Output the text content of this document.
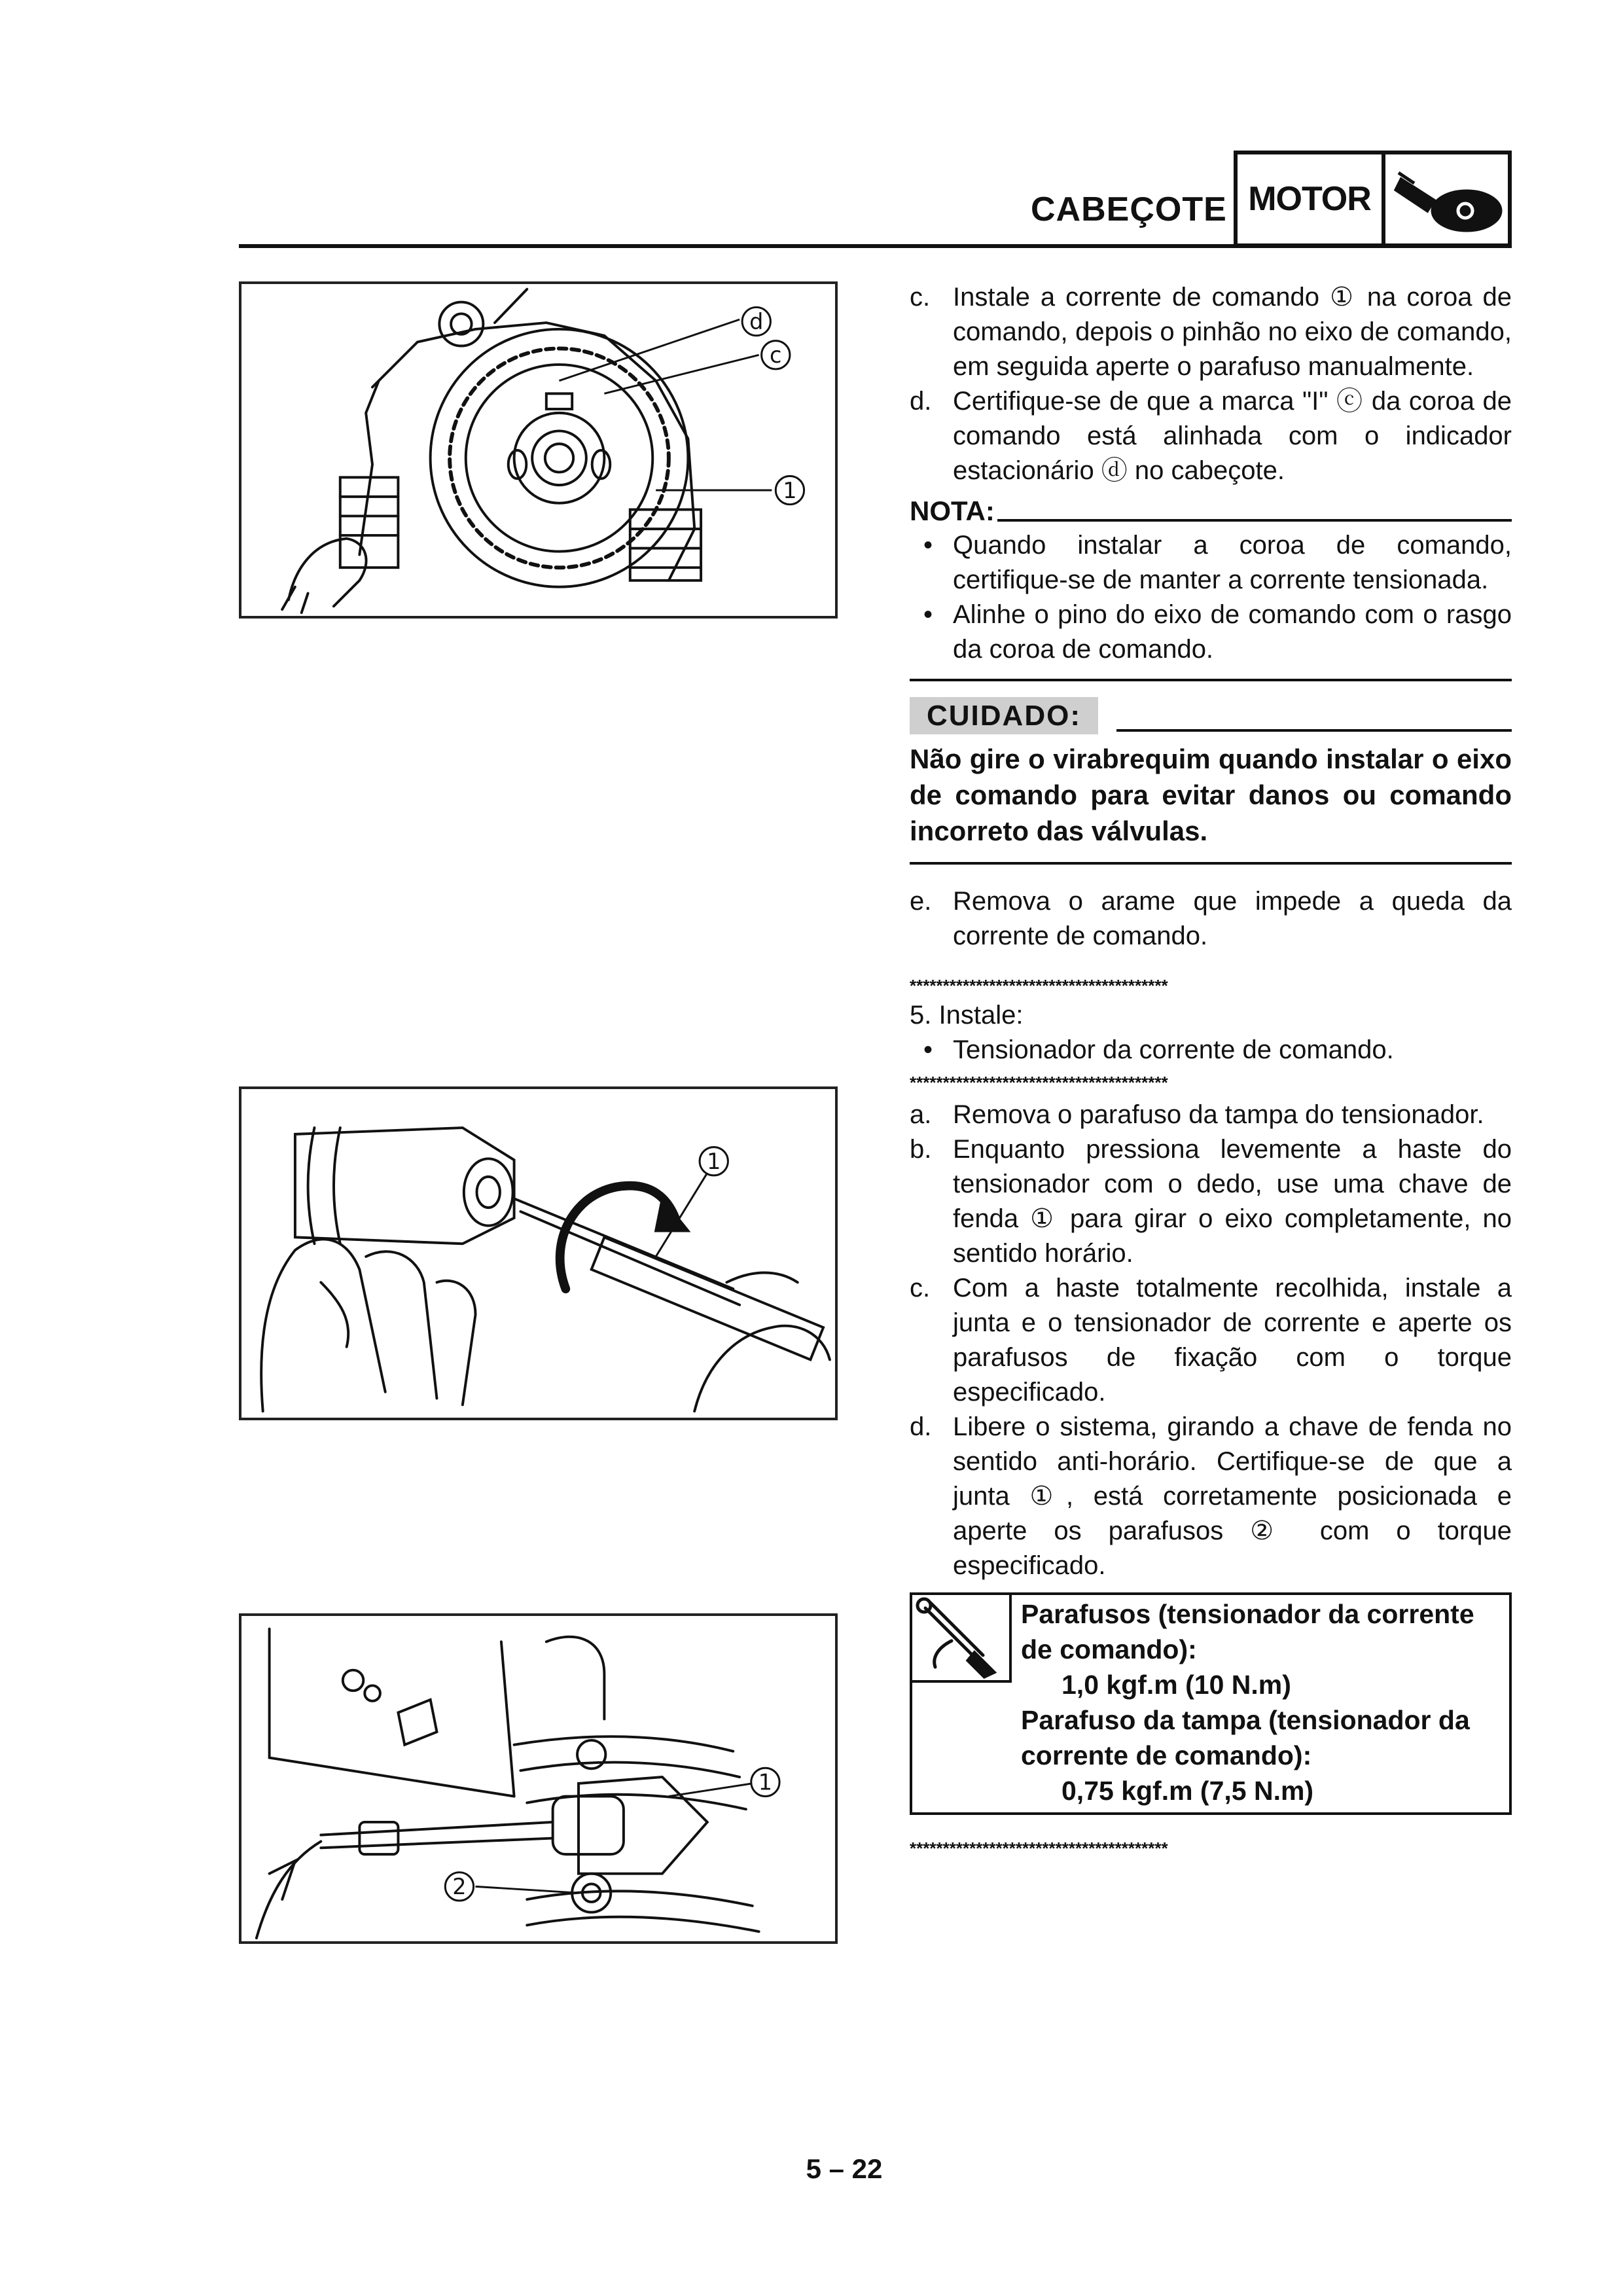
CABEÇOTE MOTOR
d
c
1
1
1
2
c. Instale a corrente de comando ① na coroa de comando, depois o pinhão no eixo de comando, em seguida aperte o parafuso manualmente.
d. Certifique-se de que a marca "I" ⓒ da coroa de comando está alinhada com o indicador estacionário ⓓ no cabeçote.
NOTA:
• Quando instalar a coroa de comando, certifique-se de manter a corrente tensionada.
• Alinhe o pino do eixo de comando com o rasgo da coroa de comando.
CUIDADO:
Não gire o virabrequim quando instalar o eixo de comando para evitar danos ou comando incorreto das válvulas.
e. Remova o arame que impede a queda da corrente de comando.
***************************************
5. Instale:
• Tensionador da corrente de comando.
***************************************
a. Remova o parafuso da tampa do tensionador.
b. Enquanto pressiona levemente a haste do tensionador com o dedo, use uma chave de fenda ① para girar o eixo completamente, no sentido horário.
c. Com a haste totalmente recolhida, instale a junta e o tensionador de corrente e aperte os parafusos de fixação com o torque especificado.
d. Libere o sistema, girando a chave de fenda no sentido anti-horário. Certifique-se de que a junta ①, está corretamente posicionada e aperte os parafusos ② com o torque especificado.
Parafusos (tensionador da corrente de comando):
1,0 kgf.m (10 N.m)
Parafuso da tampa (tensionador da corrente de comando):
0,75 kgf.m (7,5 N.m)
***************************************
5 – 22
